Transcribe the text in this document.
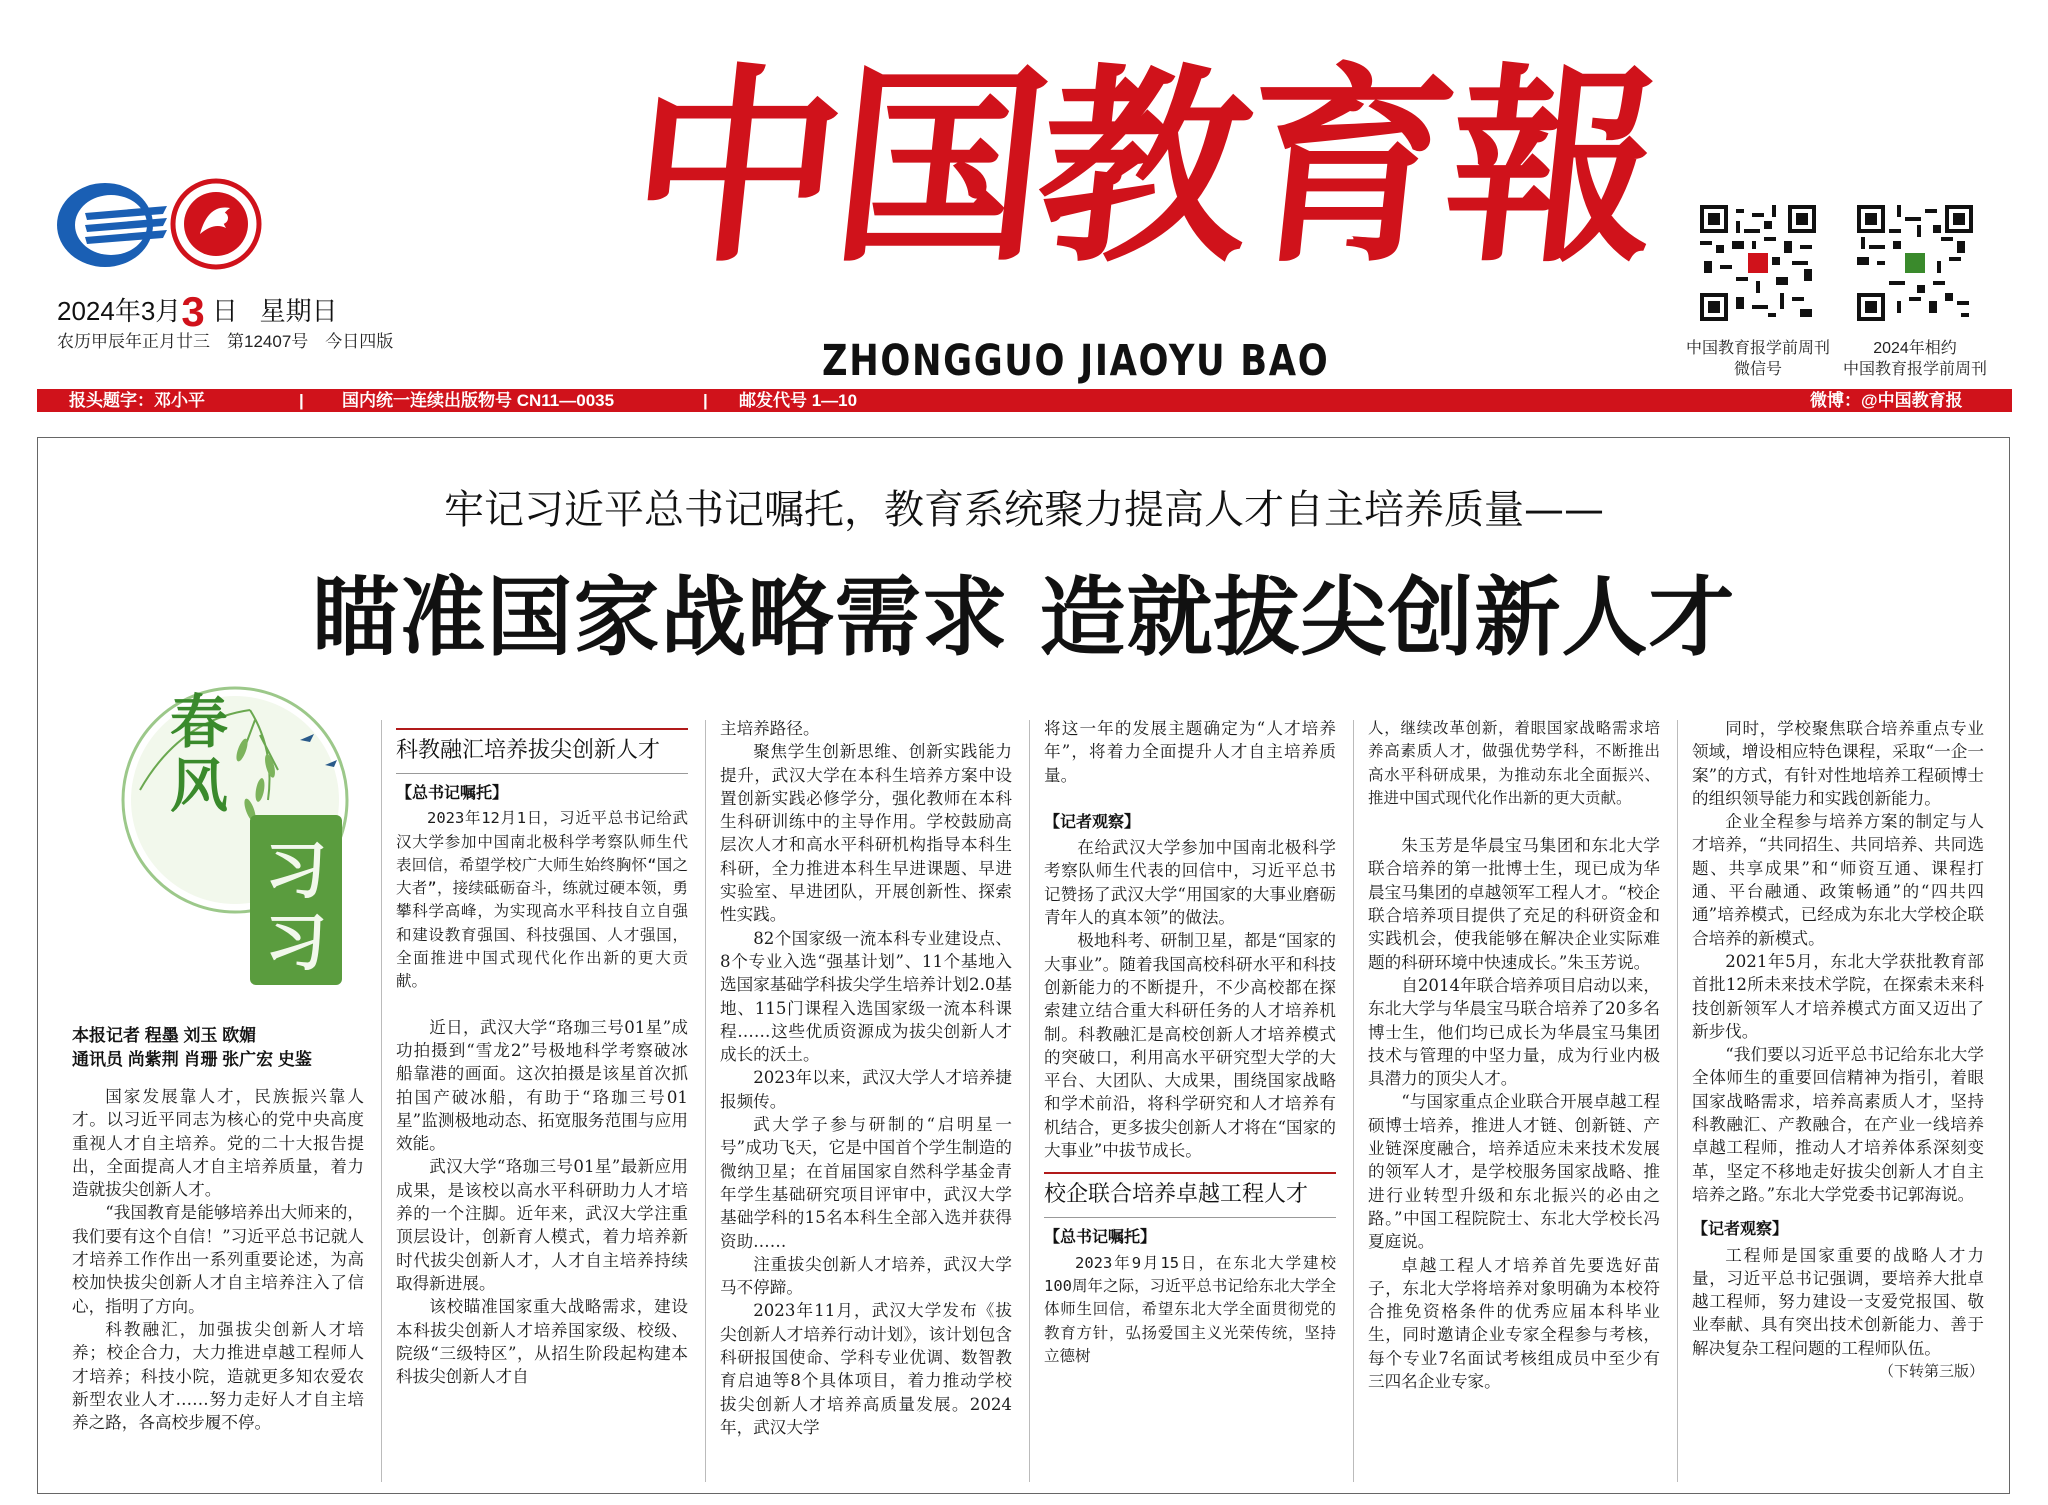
2024年3月3 日 星期日
农历甲辰年正月廿三　第12407号　今日四版
中国教育報
ZHONGGUO JIAOYU BAO	中国教育报学前周刊
微信号
2024年相约
中国教育报学前周刊
报头题字：邓小平	| 国内统一连续出版物号 CN11—0035	| 邮发代号 1—10	微博：@中国教育报
牢记习近平总书记嘱托，教育系统聚力提高人才自主培养质量——
瞄准国家战略需求 造就拔尖创新人才
习
习
春
风
本报记者 程墨 刘玉 欧媚
通讯员 尚紫荆 肖珊 张广宏 史鉴

国家发展靠人才，民族振兴靠人才。以习近平同志为核心的党中央高度重视人才自主培养。党的二十大报告提出，全面提高人才自主培养质量，着力造就拔尖创新人才。

“我国教育是能够培养出大师来的，我们要有这个自信！”习近平总书记就人才培养工作作出一系列重要论述，为高校加快拔尖创新人才自主培养注入了信心，指明了方向。

科教融汇，加强拔尖创新人才培养；校企合力，大力推进卓越工程师人才培养；科技小院，造就更多知农爱农新型农业人才……努力走好人才自主培养之路，各高校步履不停。

科教融汇培养拔尖创新人才
【总书记嘱托】

2023年12月1日，习近平总书记给武汉大学参加中国南北极科学考察队师生代表回信，希望学校广大师生始终胸怀“国之大者”，接续砥砺奋斗，练就过硬本领，勇攀科学高峰，为实现高水平科技自立自强和建设教育强国、科技强国、人才强国，全面推进中国式现代化作出新的更大贡献。

近日，武汉大学“珞珈三号01星”成功拍摄到“雪龙2”号极地科学考察破冰船靠港的画面。这次拍摄是该星首次抓拍国产破冰船，有助于“珞珈三号01星”监测极地动态、拓宽服务范围与应用效能。

武汉大学“珞珈三号01星”最新应用成果，是该校以高水平科研助力人才培养的一个注脚。近年来，武汉大学注重顶层设计，创新育人模式，着力培养新时代拔尖创新人才，人才自主培养持续取得新进展。

该校瞄准国家重大战略需求，建设本科拔尖创新人才培养国家级、校级、院级“三级特区”，从招生阶段起构建本科拔尖创新人才自

主培养路径。

聚焦学生创新思维、创新实践能力提升，武汉大学在本科生培养方案中设置创新实践必修学分，强化教师在本科生科研训练中的主导作用。学校鼓励高层次人才和高水平科研机构指导本科生科研，全力推进本科生早进课题、早进实验室、早进团队，开展创新性、探索性实践。

82个国家级一流本科专业建设点、8个专业入选“强基计划”、11个基地入选国家基础学科拔尖学生培养计划2.0基地、115门课程入选国家级一流本科课程……这些优质资源成为拔尖创新人才成长的沃土。

2023年以来，武汉大学人才培养捷报频传。

武大学子参与研制的“启明星一号”成功飞天，它是中国首个学生制造的微纳卫星；在首届国家自然科学基金青年学生基础研究项目评审中，武汉大学基础学科的15名本科生全部入选并获得资助……

注重拔尖创新人才培养，武汉大学马不停蹄。

2023年11月，武汉大学发布《拔尖创新人才培养行动计划》，该计划包含科研报国使命、学科专业优调、数智教育启迪等8个具体项目，着力推动学校拔尖创新人才培养高质量发展。2024年，武汉大学

将这一年的发展主题确定为“人才培养年”，将着力全面提升人才自主培养质量。

【记者观察】

在给武汉大学参加中国南北极科学考察队师生代表的回信中，习近平总书记赞扬了武汉大学“用国家的大事业磨砺青年人的真本领”的做法。

极地科考、研制卫星，都是“国家的大事业”。随着我国高校科研水平和科技创新能力的不断提升，不少高校都在探索建立结合重大科研任务的人才培养机制。科教融汇是高校创新人才培养模式的突破口，利用高水平研究型大学的大平台、大团队、大成果，围绕国家战略和学术前沿，将科学研究和人才培养有机结合，更多拔尖创新人才将在“国家的大事业”中拔节成长。

校企联合培养卓越工程人才
【总书记嘱托】

2023年9月15日，在东北大学建校100周年之际，习近平总书记给东北大学全体师生回信，希望东北大学全面贯彻党的教育方针，弘扬爱国主义光荣传统，坚持立德树

人，继续改革创新，着眼国家战略需求培养高素质人才，做强优势学科，不断推出高水平科研成果，为推动东北全面振兴、推进中国式现代化作出新的更大贡献。

朱玉芳是华晨宝马集团和东北大学联合培养的第一批博士生，现已成为华晨宝马集团的卓越领军工程人才。“校企联合培养项目提供了充足的科研资金和实践机会，使我能够在解决企业实际难题的科研环境中快速成长。”朱玉芳说。

自2014年联合培养项目启动以来，东北大学与华晨宝马联合培养了20多名博士生，他们均已成长为华晨宝马集团技术与管理的中坚力量，成为行业内极具潜力的顶尖人才。

“与国家重点企业联合开展卓越工程硕博士培养，推进人才链、创新链、产业链深度融合，培养适应未来技术发展的领军人才，是学校服务国家战略、推进行业转型升级和东北振兴的必由之路。”中国工程院院士、东北大学校长冯夏庭说。

卓越工程人才培养首先要选好苗子，东北大学将培养对象明确为本校符合推免资格条件的优秀应届本科毕业生，同时邀请企业专家全程参与考核，每个专业7名面试考核组成员中至少有三四名企业专家。

同时，学校聚焦联合培养重点专业领域，增设相应特色课程，采取“一企一案”的方式，有针对性地培养工程硕博士的组织领导能力和实践创新能力。

企业全程参与培养方案的制定与人才培养，“共同招生、共同培养、共同选题、共享成果”和“师资互通、课程打通、平台融通、政策畅通”的“四共四通”培养模式，已经成为东北大学校企联合培养的新模式。

2021年5月，东北大学获批教育部首批12所未来技术学院，在探索未来科技创新领军人才培养模式方面又迈出了新步伐。

“我们要以习近平总书记给东北大学全体师生的重要回信精神为指引，着眼国家战略需求，培养高素质人才，坚持科教融汇、产教融合，在产业一线培养卓越工程师，推动人才培养体系深刻变革，坚定不移地走好拔尖创新人才自主培养之路。”东北大学党委书记郭海说。

【记者观察】

工程师是国家重要的战略人才力量，习近平总书记强调，要培养大批卓越工程师，努力建设一支爱党报国、敬业奉献、具有突出技术创新能力、善于解决复杂工程问题的工程师队伍。

（下转第三版）
